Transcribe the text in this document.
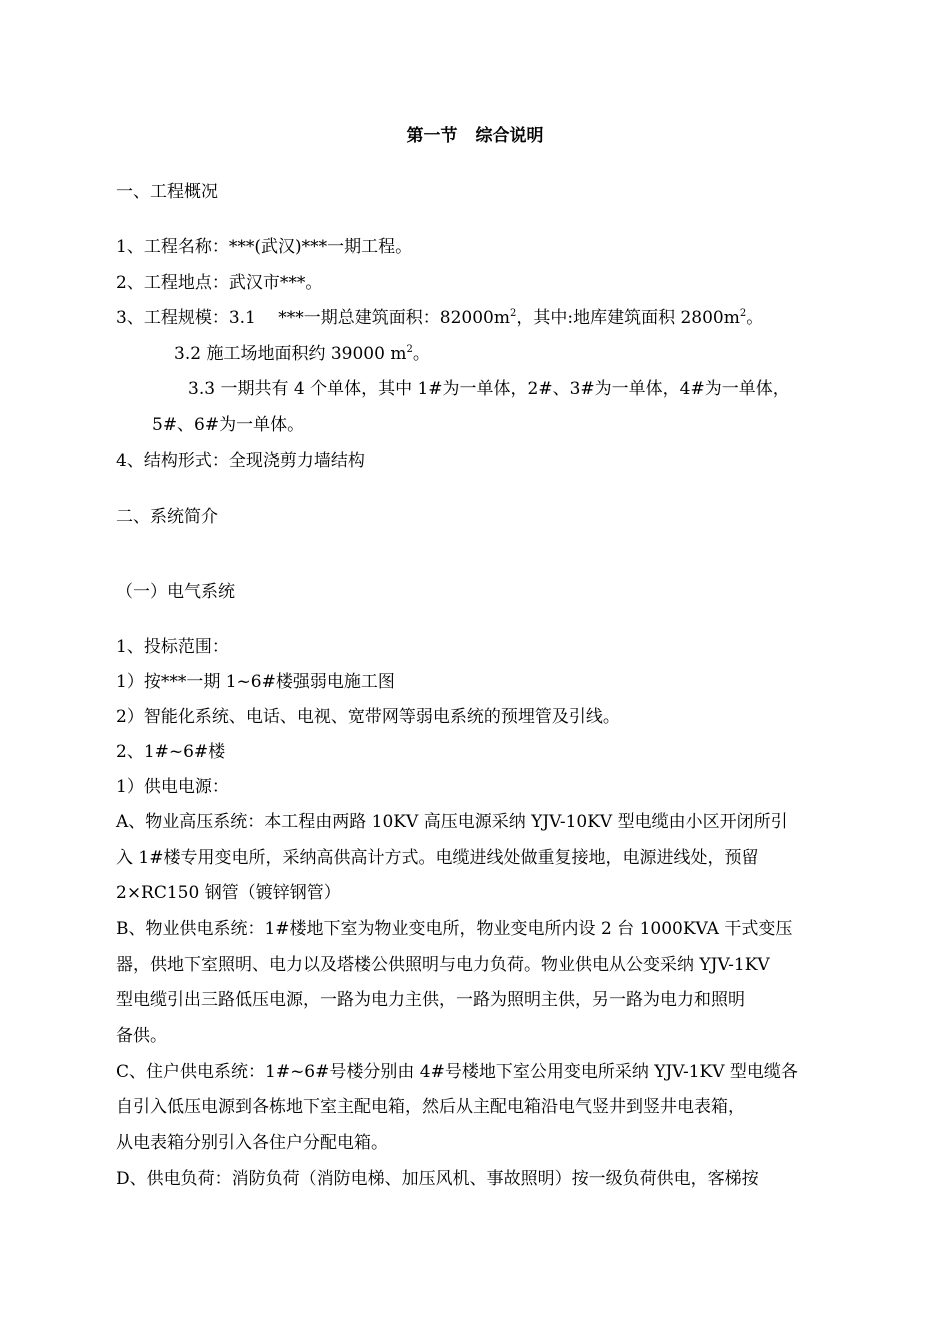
第一节 综合说明
一、工程概况
1、工程名称：***(武汉)***一期工程。
2、工程地点：武汉市***。
3、工程规模：3.1　 ***一期总建筑面积：$82000m^2$，其中:地库建筑面积 $2800m^2$。
3.2 施工场地面积约 39000 $m^2$。
3.3 一期共有 4 个单体，其中 1#为一单体，2#、3#为一单体，4#为一单体，
5#、6#为一单体。
4、结构形式：全现浇剪力墙结构
二、系统简介
（一）电气系统
1、投标范围：
1）按***一期 1~6#楼强弱电施工图
2）智能化系统、电话、电视、宽带网等弱电系统的预埋管及引线。
2、1#~6#楼
1）供电电源：
A、物业高压系统：本工程由两路 10KV 高压电源采纳 YJV-10KV 型电缆由小区开闭所引
入 1#楼专用变电所，采纳高供高计方式。电缆进线处做重复接地，电源进线处，预留
2×RC150 钢管（镀锌钢管）
B、物业供电系统：1#楼地下室为物业变电所，物业变电所内设 2 台 1000KVA 干式变压
器，供地下室照明、电力以及塔楼公供照明与电力负荷。物业供电从公变采纳 YJV-1KV
型电缆引出三路低压电源，一路为电力主供，一路为照明主供，另一路为电力和照明
备供。
C、住户供电系统：1#~6#号楼分别由 4#号楼地下室公用变电所采纳 YJV-1KV 型电缆各
自引入低压电源到各栋地下室主配电箱，然后从主配电箱沿电气竖井到竖井电表箱，
从电表箱分别引入各住户分配电箱。
D、供电负荷：消防负荷（消防电梯、加压风机、事故照明）按一级负荷供电，客梯按
